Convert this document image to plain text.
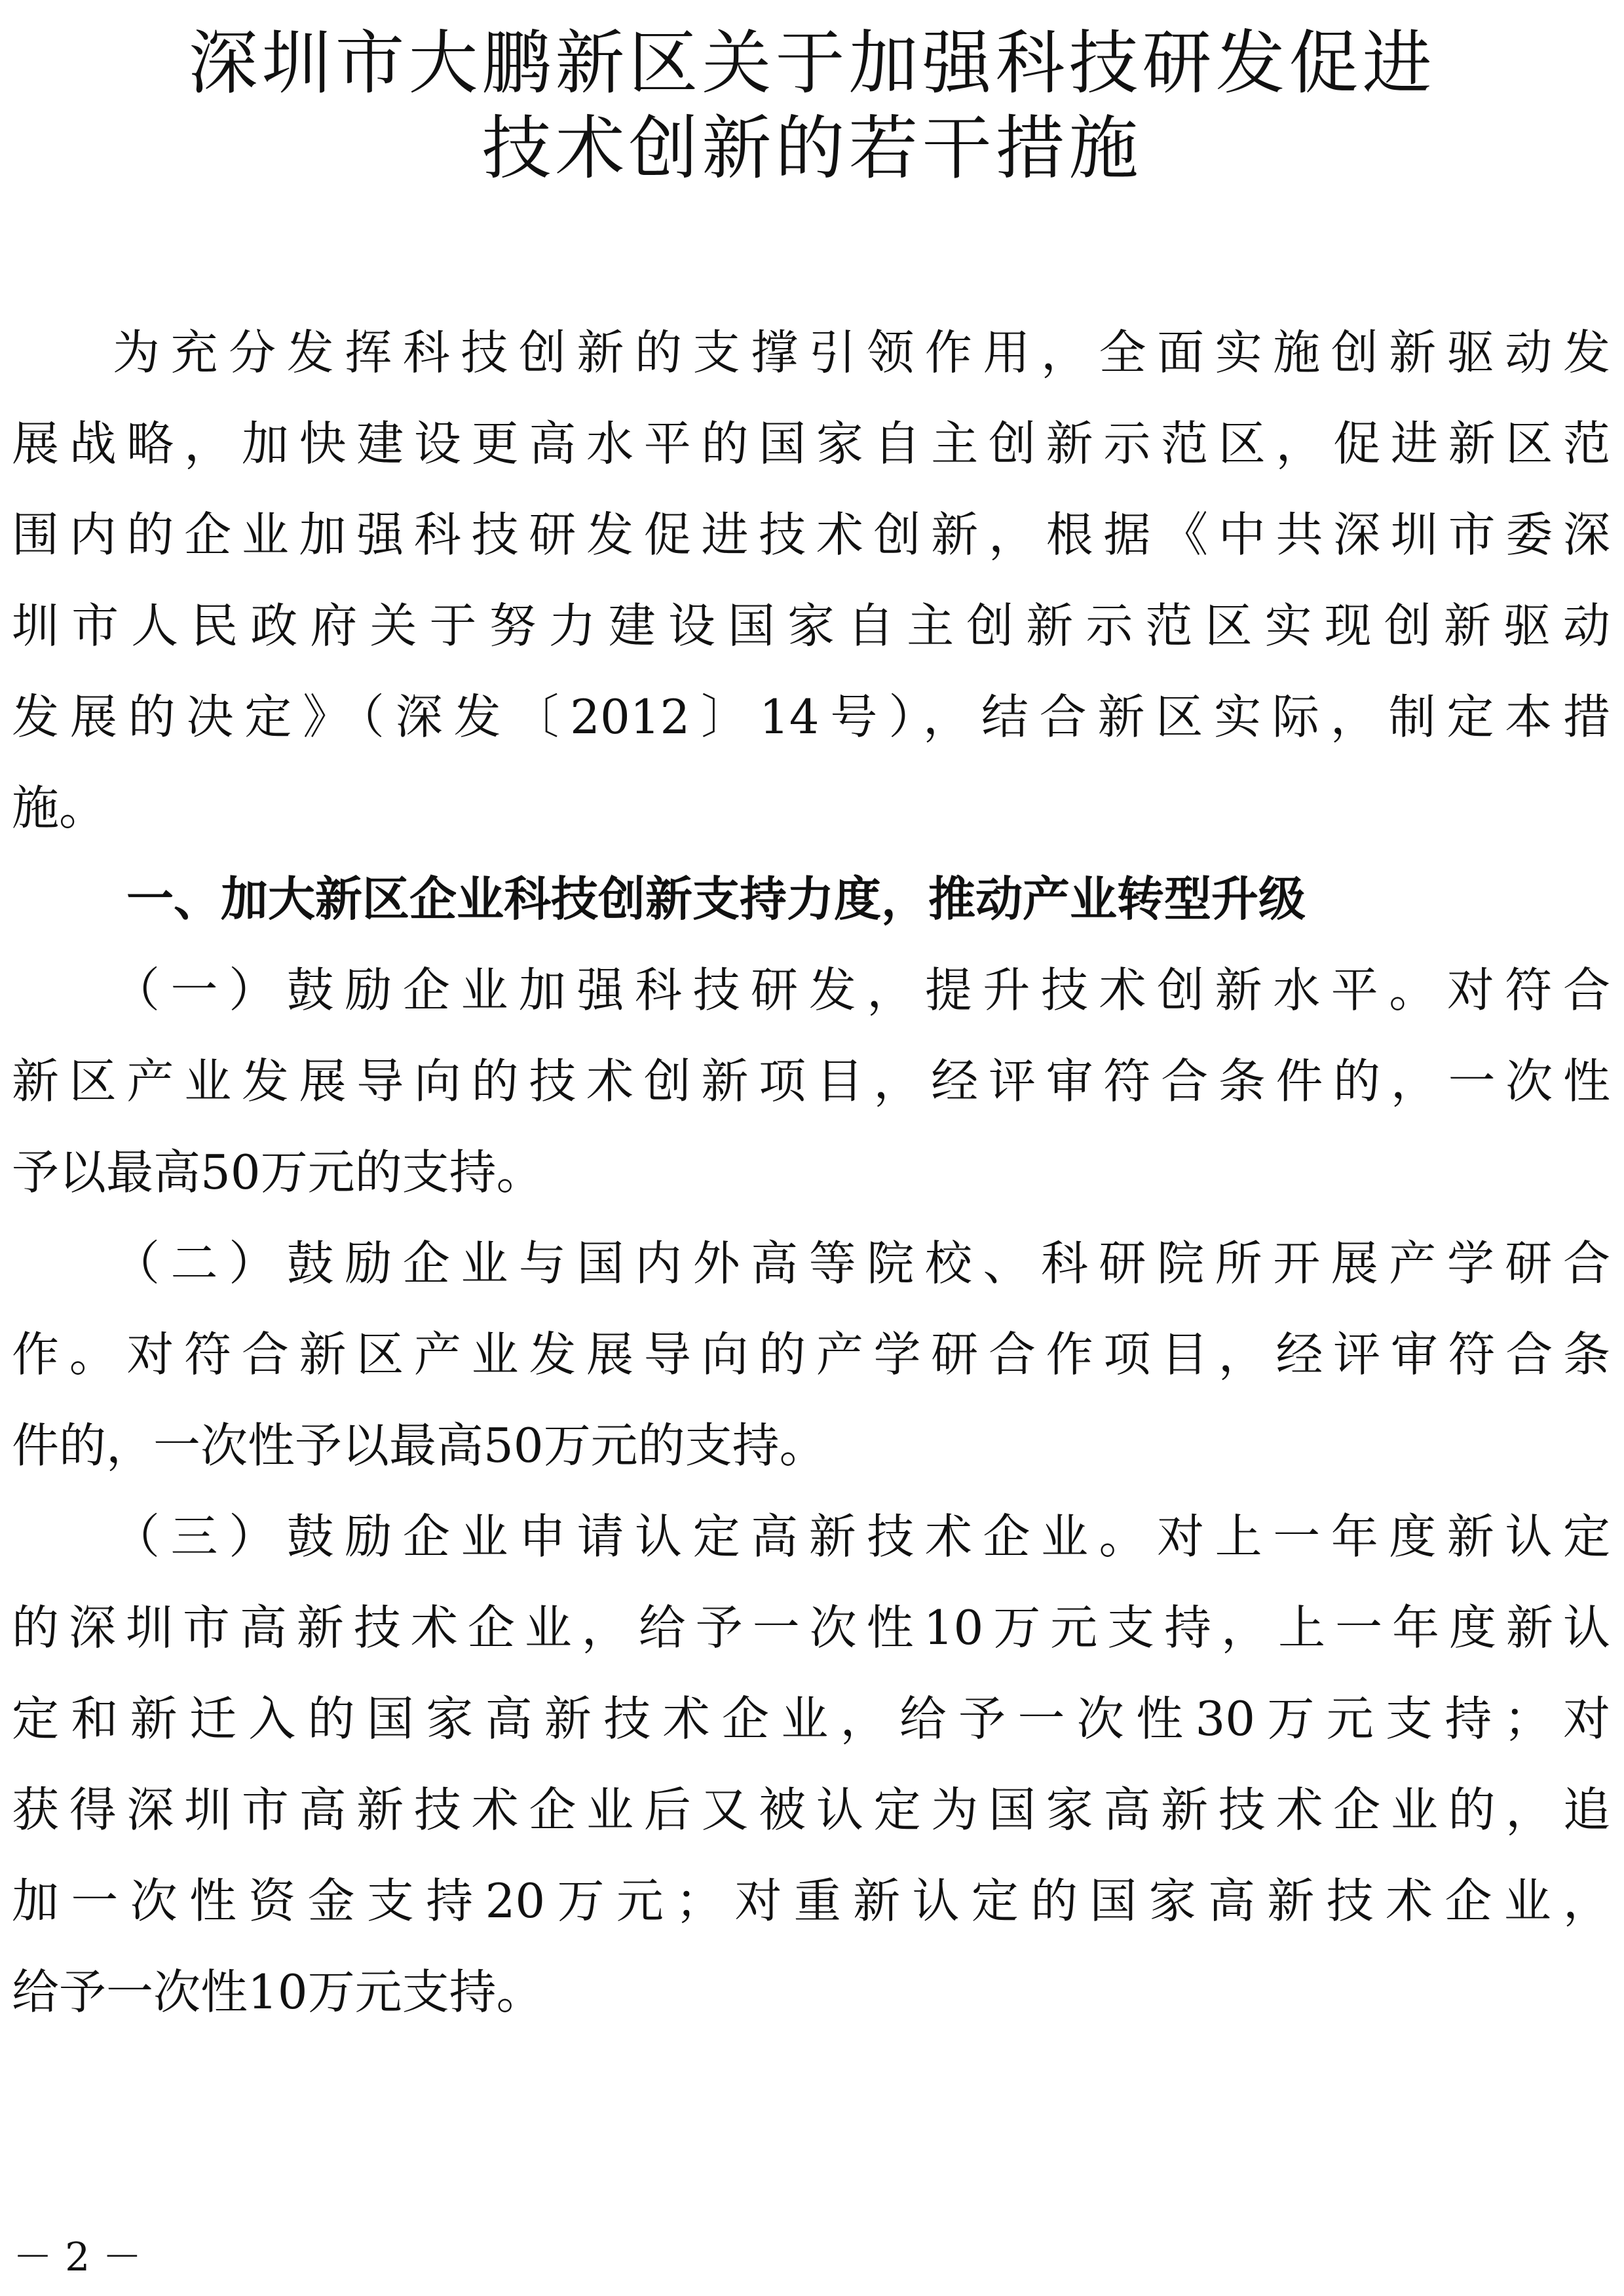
深圳市大鹏新区关于加强科技研发促进
技术创新的若干措施
为充分发挥科技创新的支撑引领作用，全面实施创新驱动发
展战略，加快建设更高水平的国家自主创新示范区，促进新区范
围内的企业加强科技研发促进技术创新，根据《中共深圳市委深
圳市人民政府关于努力建设国家自主创新示范区实现创新驱动
发展的决定》（深发〔2012〕14号），结合新区实际，制定本措
施。
一、加大新区企业科技创新支持力度，推动产业转型升级
（一）鼓励企业加强科技研发，提升技术创新水平。对符合
新区产业发展导向的技术创新项目，经评审符合条件的，一次性
予以最高50万元的支持。
（二）鼓励企业与国内外高等院校、科研院所开展产学研合
作。对符合新区产业发展导向的产学研合作项目，经评审符合条
件的，一次性予以最高50万元的支持。
（三）鼓励企业申请认定高新技术企业。对上一年度新认定
的深圳市高新技术企业，给予一次性10万元支持，上一年度新认
定和新迁入的国家高新技术企业，给予一次性30万元支持；对
获得深圳市高新技术企业后又被认定为国家高新技术企业的，追
加一次性资金支持20万元；对重新认定的国家高新技术企业，
给予一次性10万元支持。
－ 2 －
